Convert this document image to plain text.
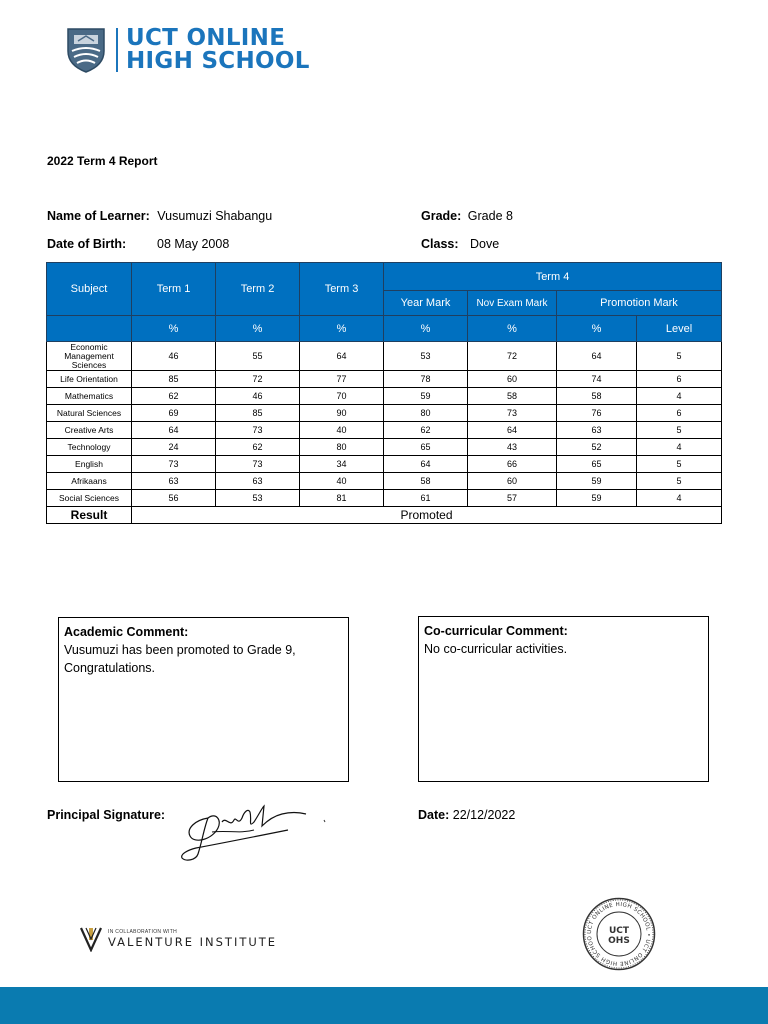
UCT ONLINE
HIGH SCHOOL
2022 Term 4 Report
Name of Learner: Vusumuzi Shabangu
Date of Birth: 08 May 2008
Grade: Grade 8
Class: Dove
Subject	Term 1	Term 2	Term 3	Term 4			
				Year Mark	Nov Exam Mark	Promotion Mark	
	%	%	%	%	%	%	Level
Economic Management Sciences	46	55	64	53	72	64	5
Life Orientation	85	72	77	78	60	74	6
Mathematics	62	46	70	59	58	58	4
Natural Sciences	69	85	90	80	73	76	6
Creative Arts	64	73	40	62	64	63	5
Technology	24	62	80	65	43	52	4
English	73	73	34	64	66	65	5
Afrikaans	63	63	40	58	60	59	5
Social Sciences	56	53	81	61	57	59	4
Result	Promoted						
Academic Comment:
Vusumuzi has been promoted to Grade 9, Congratulations.
Co-curricular Comment:
No co-curricular activities.
Principal Signature:	Date: 22/12/2022
IN COLLABORATION WITH
VALENTURE INSTITUTE
UCT ONLINE HIGH SCHOOL • UCT ONLINE HIGH SCHOO
UCT
OHS
